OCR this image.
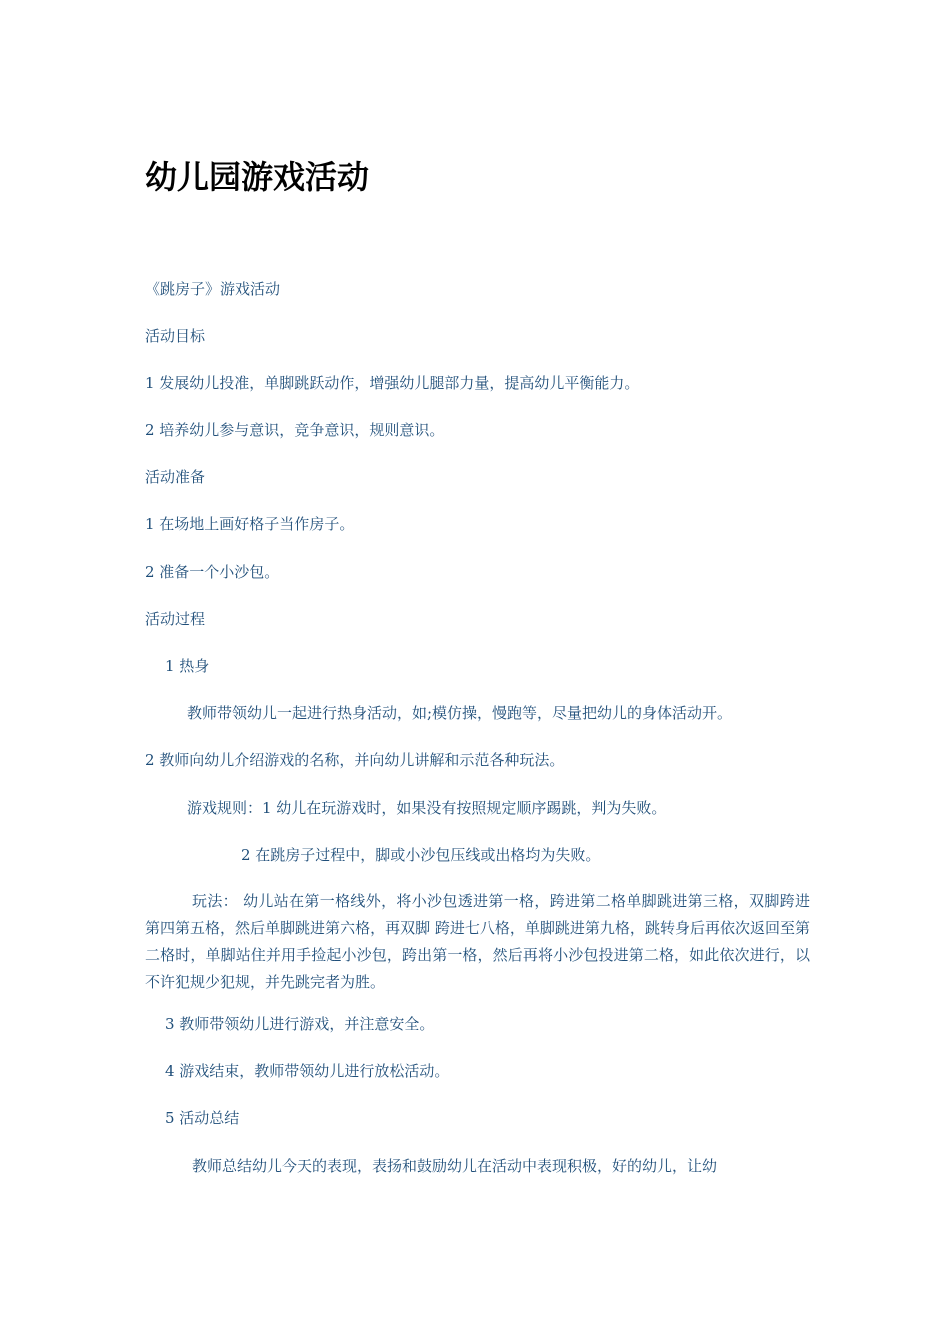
幼儿园游戏活动

《跳房子》游戏活动

活动目标

1 发展幼儿投准，单脚跳跃动作，增强幼儿腿部力量，提高幼儿平衡能力。

2 培养幼儿参与意识，竞争意识，规则意识。

活动准备

1 在场地上画好格子当作房子。

2 准备一个小沙包。

活动过程

1 热身

教师带领幼儿一起进行热身活动，如;模仿操，慢跑等，尽量把幼儿的身体活动开。

2 教师向幼儿介绍游戏的名称，并向幼儿讲解和示范各种玩法。

游戏规则：1 幼儿在玩游戏时，如果没有按照规定顺序踢跳，判为失败。

2 在跳房子过程中，脚或小沙包压线或出格均为失败。

玩法： 幼儿站在第一格线外，将小沙包透进第一格，跨进第二格单脚跳进第三格，双脚跨进第四第五格，然后单脚跳进第六格，再双脚 跨进七八格，单脚跳进第九格，跳转身后再依次返回至第二格时，单脚站住并用手捡起小沙包，跨出第一格，然后再将小沙包投进第二格，如此依次进行，以不许犯规少犯规，并先跳完者为胜。

3 教师带领幼儿进行游戏，并注意安全。

4 游戏结束，教师带领幼儿进行放松活动。

5 活动总结

教师总结幼儿今天的表现，表扬和鼓励幼儿在活动中表现积极，好的幼儿，让幼
